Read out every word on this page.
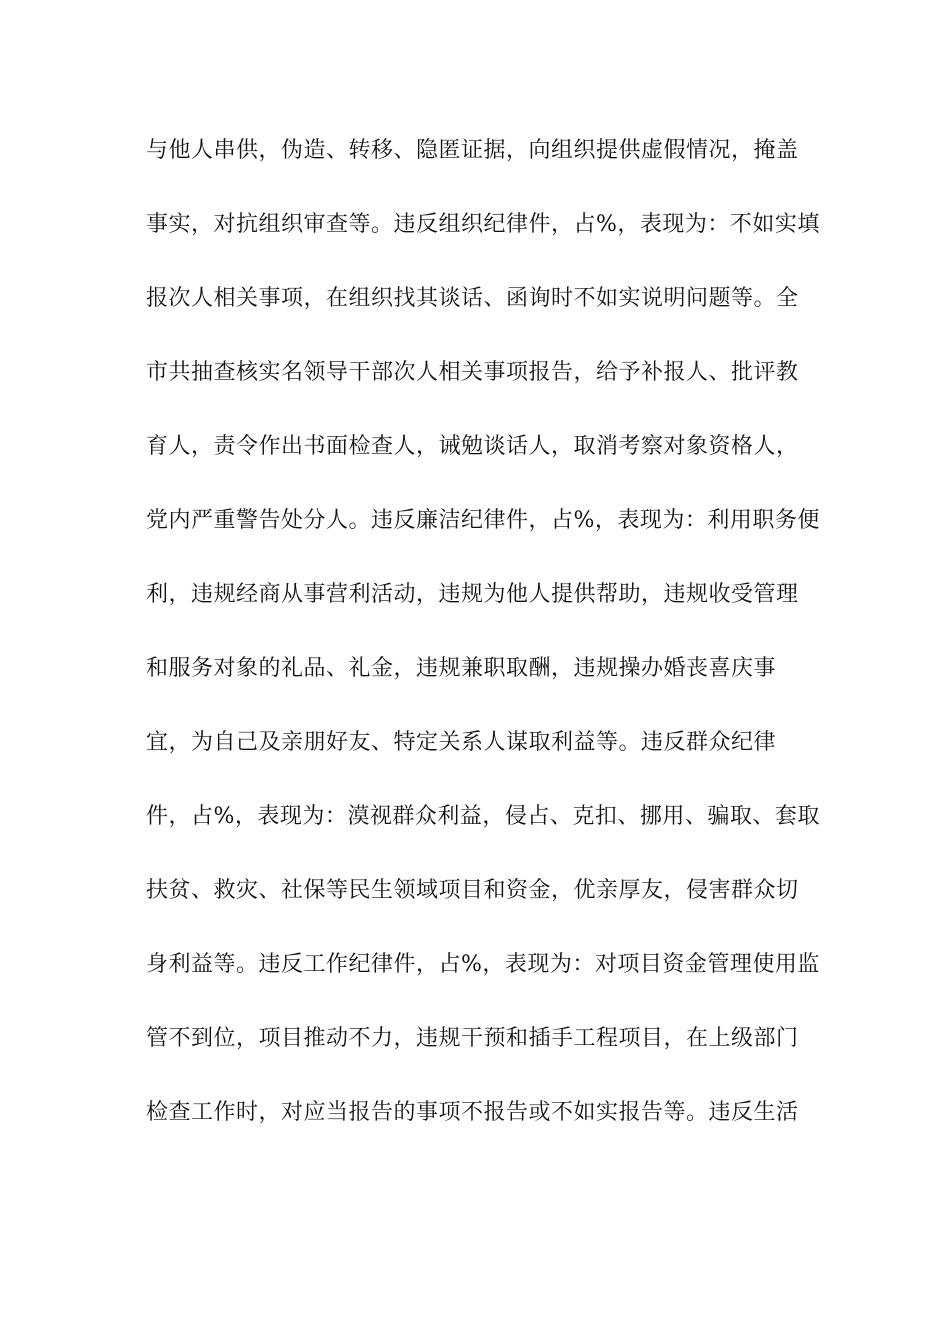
与他人串供，伪造、转移、隐匿证据，向组织提供虚假情况，掩盖
事实，对抗组织审查等。违反组织纪律件，占%，表现为：不如实填
报次人相关事项，在组织找其谈话、函询时不如实说明问题等。全
市共抽查核实名领导干部次人相关事项报告，给予补报人、批评教
育人，责令作出书面检查人，诫勉谈话人，取消考察对象资格人，
党内严重警告处分人。违反廉洁纪律件，占%，表现为：利用职务便
利，违规经商从事营利活动，违规为他人提供帮助，违规收受管理
和服务对象的礼品、礼金，违规兼职取酬，违规操办婚丧喜庆事
宜，为自己及亲朋好友、特定关系人谋取利益等。违反群众纪律
件，占%，表现为：漠视群众利益，侵占、克扣、挪用、骗取、套取
扶贫、救灾、社保等民生领域项目和资金，优亲厚友，侵害群众切
身利益等。违反工作纪律件，占%，表现为：对项目资金管理使用监
管不到位，项目推动不力，违规干预和插手工程项目，在上级部门
检查工作时，对应当报告的事项不报告或不如实报告等。违反生活
